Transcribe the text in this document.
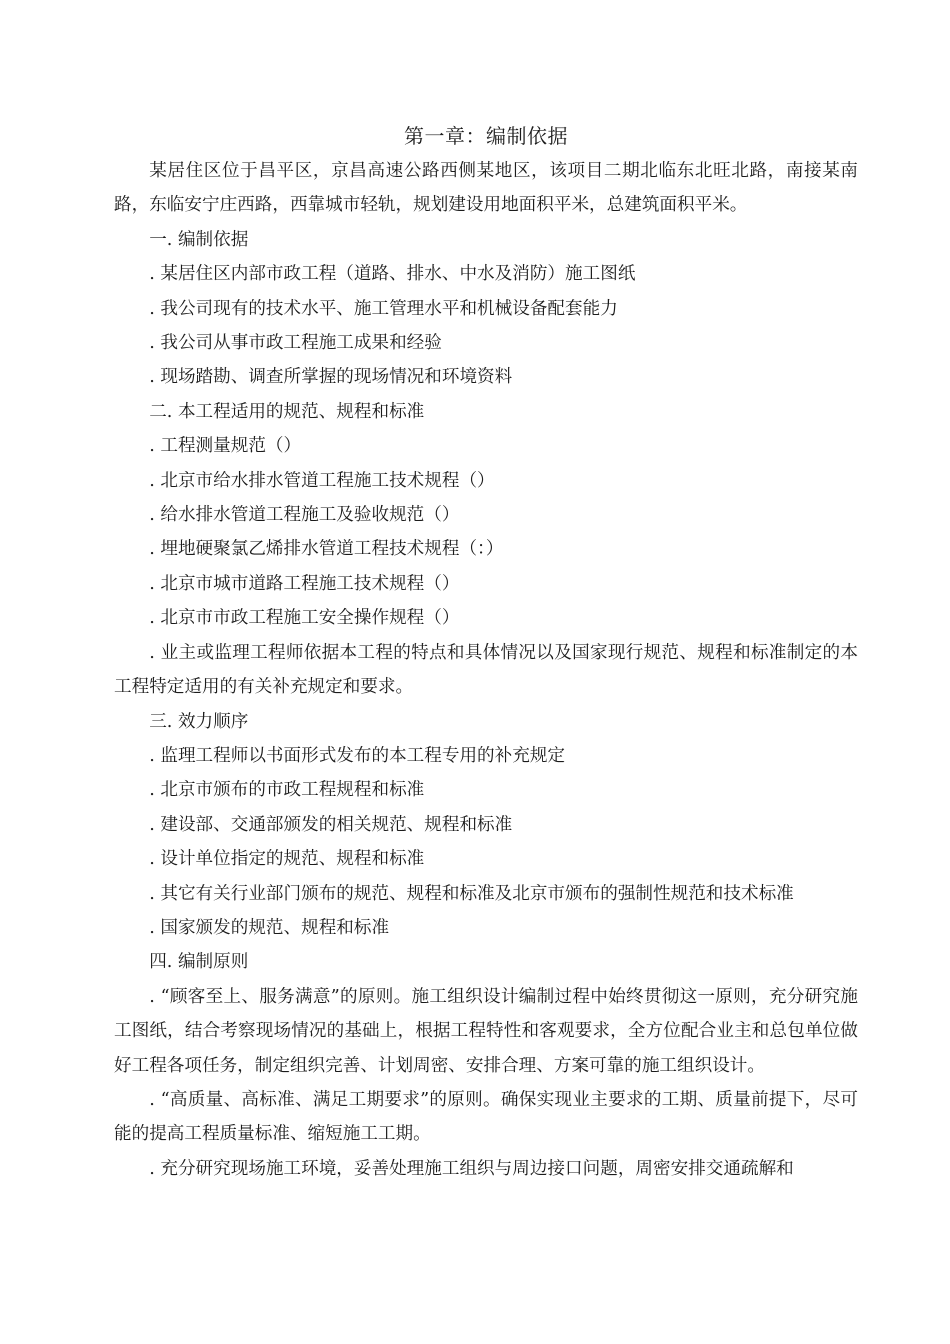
第一章：编制依据

某居住区位于昌平区，京昌高速公路西侧某地区，该项目二期北临东北旺北路，南接某南路，东临安宁庄西路，西靠城市轻轨，规划建设用地面积平米，总建筑面积平米。

一. 编制依据

. 某居住区内部市政工程（道路、排水、中水及消防）施工图纸

. 我公司现有的技术水平、施工管理水平和机械设备配套能力

. 我公司从事市政工程施工成果和经验

. 现场踏勘、调查所掌握的现场情况和环境资料

二. 本工程适用的规范、规程和标准

. 工程测量规范（）

. 北京市给水排水管道工程施工技术规程（）

. 给水排水管道工程施工及验收规范（）

. 埋地硬聚氯乙烯排水管道工程技术规程（：）

. 北京市城市道路工程施工技术规程（）

. 北京市市政工程施工安全操作规程（）

. 业主或监理工程师依据本工程的特点和具体情况以及国家现行规范、规程和标准制定的本工程特定适用的有关补充规定和要求。

三. 效力顺序

. 监理工程师以书面形式发布的本工程专用的补充规定

. 北京市颁布的市政工程规程和标准

. 建设部、交通部颁发的相关规范、规程和标准

. 设计单位指定的规范、规程和标准

. 其它有关行业部门颁布的规范、规程和标准及北京市颁布的强制性规范和技术标准

. 国家颁发的规范、规程和标准

四. 编制原则

. “顾客至上、服务满意”的原则。施工组织设计编制过程中始终贯彻这一原则，充分研究施工图纸，结合考察现场情况的基础上，根据工程特性和客观要求，全方位配合业主和总包单位做好工程各项任务，制定组织完善、计划周密、安排合理、方案可靠的施工组织设计。

. “高质量、高标准、满足工期要求”的原则。确保实现业主要求的工期、质量前提下，尽可能的提高工程质量标准、缩短施工工期。

. 充分研究现场施工环境，妥善处理施工组织与周边接口问题，周密安排交通疏解和
